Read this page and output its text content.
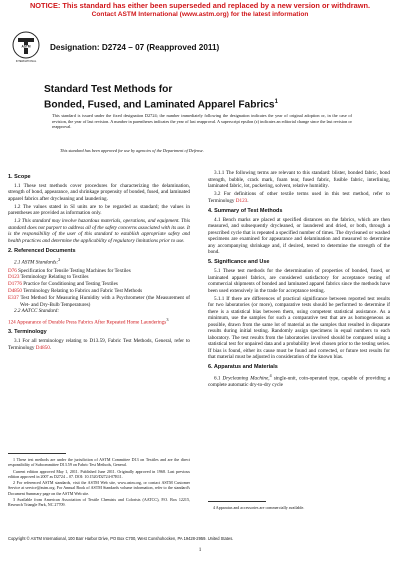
NOTICE: This standard has either been superseded and replaced by a new version or withdrawn.
Contact ASTM International (www.astm.org) for the latest information
ASTM
INTERNATIONAL
Designation: D2724 – 07 (Reapproved 2011)
Standard Test Methods for
Bonded, Fused, and Laminated Apparel Fabrics$^1$
This standard is issued under the fixed designation D2724; the number immediately following the designation indicates the year of original adoption or, in the case of revision, the year of last revision. A number in parentheses indicates the year of last reapproval. A superscript epsilon (ε) indicates an editorial change since the last revision or reapproval.
This standard has been approved for use by agencies of the Department of Defense.
1. Scope

1.1 These test methods cover procedures for characterizing the delamination, strength of bond, appearance, and shrinkage propensity of bonded, fused, and laminated apparel fabrics after drycleaning and laundering.

1.2 The values stated in SI units are to be regarded as standard; the values in parentheses are provided as information only.

1.3 This standard may involve hazardous materials, operations, and equipment. This standard does not purport to address all of the safety concerns associated with its use. It is the responsibility of the user of this standard to establish appropriate safety and health practices and determine the applicability of regulatory limitations prior to use.

2. Referenced Documents

2.1 ASTM Standards:$^2$

D76 Specification for Tensile Testing Machines for Textiles
D123 Terminology Relating to Textiles
D1776 Practice for Conditioning and Testing Textiles
D4850 Terminology Relating to Fabrics and Fabric Test Methods
E337 Test Method for Measuring Humidity with a Psychrometer (the Measurement of Wet- and Dry-Bulb Temperatures)

2.2 AATCC Standard:

124 Appearance of Durable Press Fabrics After Repeated Home Launderings$^3$
3. Terminology

3.1 For all terminology relating to D13.59, Fabric Test Methods, General, refer to Terminology D4850.

3.1.1 The following terms are relevant to this standard: blister, bonded fabric, bond strength, bubble, crack mark, foam tear, fused fabric, fusible fabric, interlining, laminated fabric, lot, puckering, solvent, relative humidity.

3.2 For definitions of other textile terms used in this test method, refer to Terminology D123.

4. Summary of Test Methods

4.1 Bench marks are placed at specified distances on the fabrics, which are then measured, and subsequently drycleaned, or laundered and dried, or both, through a prescribed cycle that is repeated a specified number of times. The drycleaned or washed specimens are examined for appearance and delamination and measured to determine any accompanying shrinkage and, if desired, tested to determine the strength of the bond.

5. Significance and Use

5.1 These test methods for the determination of properties of bonded, fused, or laminated apparel fabrics, are considered satisfactory for acceptance testing of commercial shipments of bonded and laminated apparel fabrics since the methods have been used extensively in the trade for acceptance testing.

5.1.1 If there are differences of practical significance between reported test results for two laboratories (or more), comparative tests should be performed to determine if there is a statistical bias between them, using competent statistical assistance. As a minimum, use the samples for such a comparative test that are as homogeneous as possible, drawn from the same lot of material as the samples that resulted in disparate results during initial testing. Randomly assign specimens in equal numbers to each laboratory. The test results from the laboratories involved should be compared using a statistical test for unpaired data and a probability level chosen prior to the testing series. If bias is found, either its cause must be found and corrected, or future test results for that material must be adjusted in consideration of the known bias.

6. Apparatus and Materials

6.1 Drycleaning Machine,$^4$ single-unit, coin-operated type, capable of providing a complete automatic dry-to-dry cycle

1 These test methods are under the jurisdiction of ASTM Committee D13 on Textiles and are the direct responsibility of Subcommittee D13.59 on Fabric Test Methods, General.

Current edition approved May 1, 2011. Published June 2011. Originally approved in 1968. Last previous edition approved in 2007 as D2724 – 07. DOI: 10.1520/D2724-07R11.

2 For referenced ASTM standards, visit the ASTM Web site, www.astm.org, or contact ASTM Customer Service at service@astm.org. For Annual Book of ASTM Standards volume information, refer to the standard's Document Summary page on the ASTM Web site.

3 Available from American Association of Textile Chemists and Colorists (AATCC), P.O. Box 12215, Research Triangle Park, NC 27709.

4 Apparatus and accessories are commercially available.
Copyright © ASTM International, 100 Barr Harbor Drive, PO Box C700, West Conshohocken, PA 19428-2959. United States.
1
